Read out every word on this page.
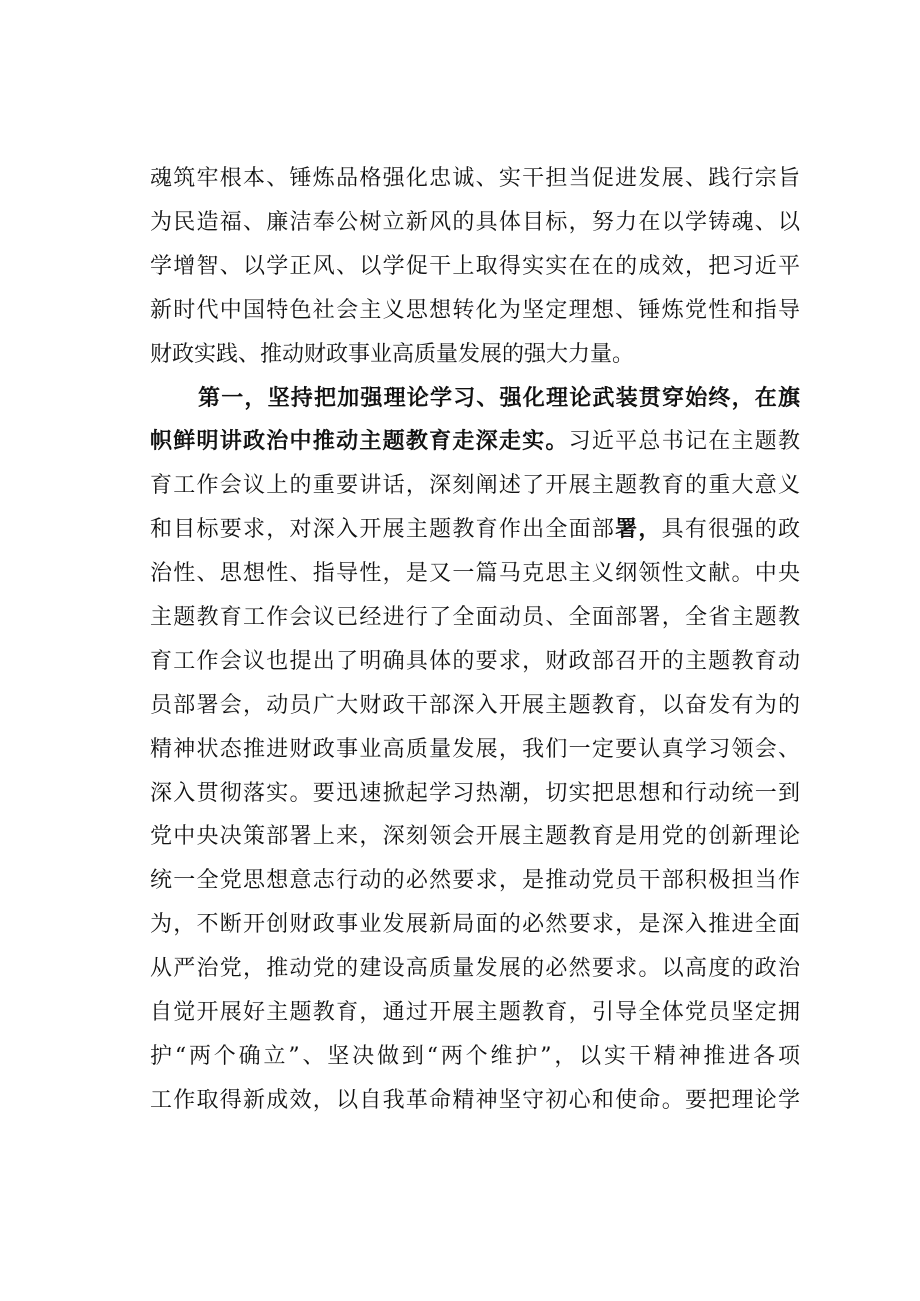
魂筑牢根本、锤炼品格强化忠诚、实干担当促进发展、践行宗旨
为民造福、廉洁奉公树立新风的具体目标，努力在以学铸魂、以
学增智、以学正风、以学促干上取得实实在在的成效，把习近平
新时代中国特色社会主义思想转化为坚定理想、锤炼党性和指导
财政实践、推动财政事业高质量发展的强大力量。
第一，坚持把加强理论学习、强化理论武装贯穿始终，在旗
帜鲜明讲政治中推动主题教育走深走实。习近平总书记在主题教
育工作会议上的重要讲话，深刻阐述了开展主题教育的重大意义
和目标要求，对深入开展主题教育作出全面部署，具有很强的政
治性、思想性、指导性，是又一篇马克思主义纲领性文献。中央
主题教育工作会议已经进行了全面动员、全面部署，全省主题教
育工作会议也提出了明确具体的要求，财政部召开的主题教育动
员部署会，动员广大财政干部深入开展主题教育，以奋发有为的
精神状态推进财政事业高质量发展，我们一定要认真学习领会、
深入贯彻落实。要迅速掀起学习热潮，切实把思想和行动统一到
党中央决策部署上来，深刻领会开展主题教育是用党的创新理论
统一全党思想意志行动的必然要求，是推动党员干部积极担当作
为，不断开创财政事业发展新局面的必然要求，是深入推进全面
从严治党，推动党的建设高质量发展的必然要求。以高度的政治
自觉开展好主题教育，通过开展主题教育，引导全体党员坚定拥
护“两个确立”、坚决做到“两个维护”，以实干精神推进各项
工作取得新成效，以自我革命精神坚守初心和使命。要把理论学
